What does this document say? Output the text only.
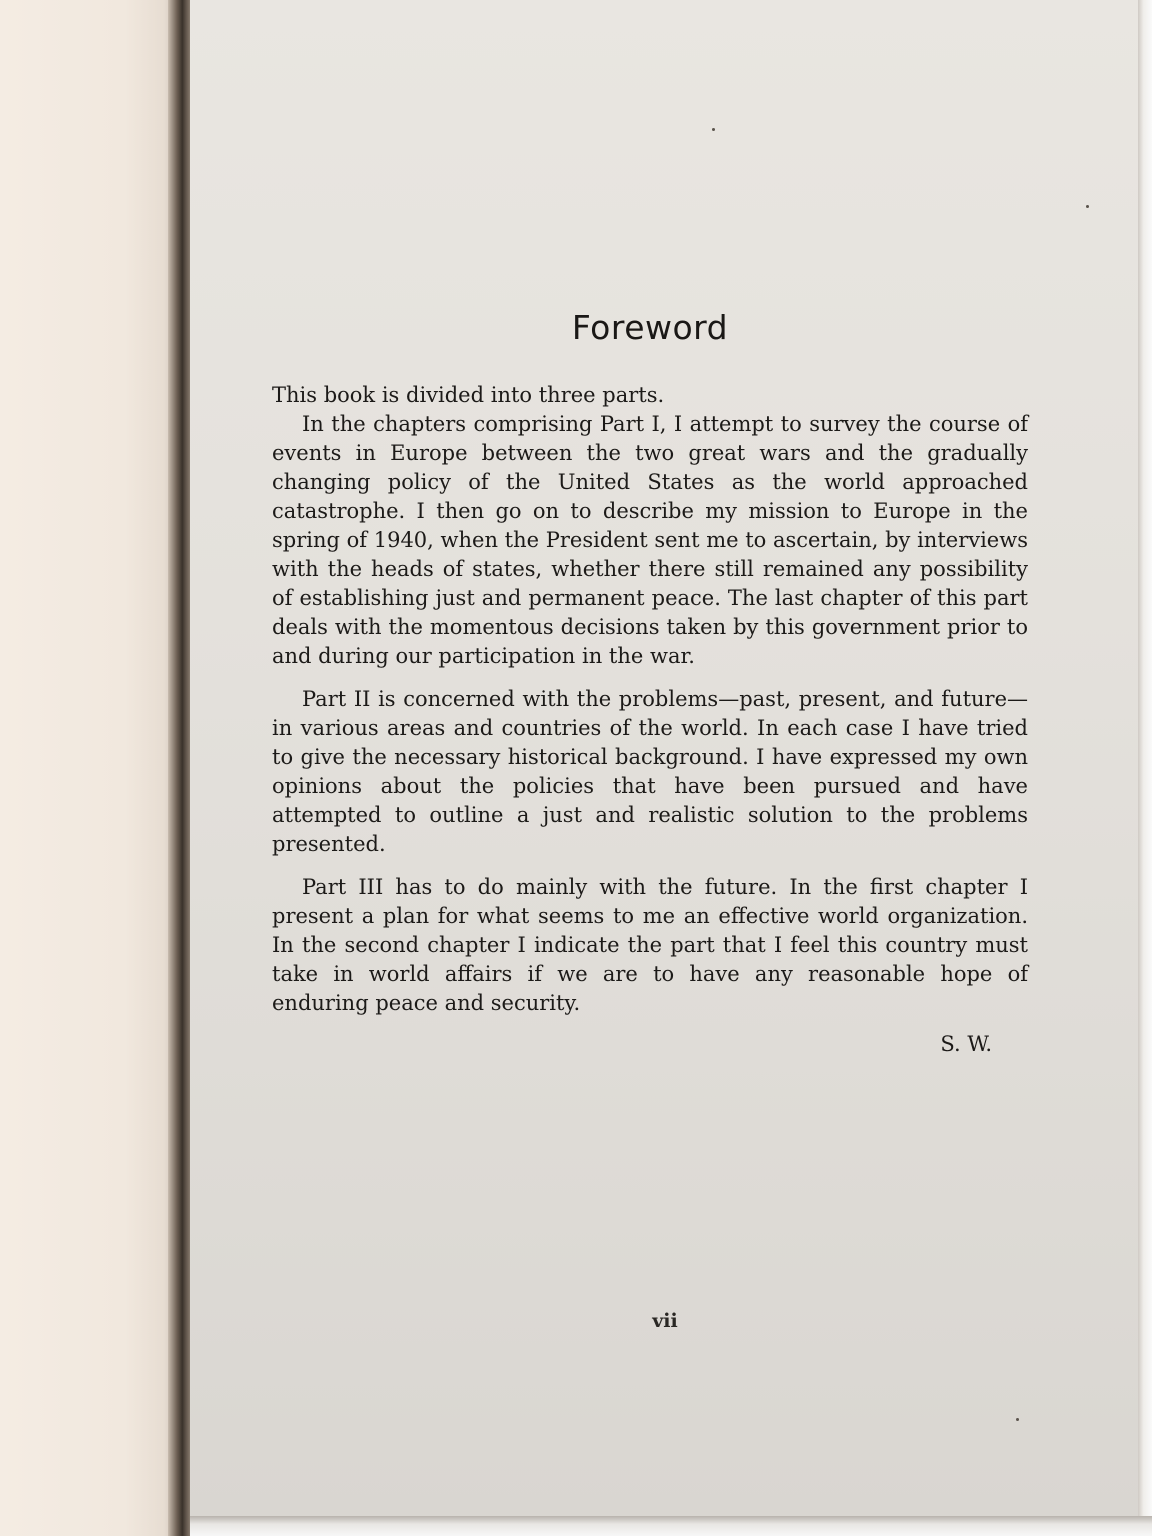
Foreword

This book is divided into three parts.

In the chapters comprising Part I, I attempt to survey the course of events in Europe between the two great wars and the gradually changing policy of the United States as the world approached catastrophe. I then go on to describe my mission to Europe in the spring of 1940, when the President sent me to ascertain, by interviews with the heads of states, whether there still remained any possibility of establishing just and permanent peace. The last chapter of this part deals with the momentous decisions taken by this government prior to and during our participation in the war.

Part II is concerned with the problems—past, present, and future—in various areas and countries of the world. In each case I have tried to give the necessary historical background. I have expressed my own opinions about the policies that have been pursued and have attempted to outline a just and realistic solution to the problems presented.

Part III has to do mainly with the future. In the first chapter I present a plan for what seems to me an effective world organization. In the second chapter I indicate the part that I feel this country must take in world affairs if we are to have any reasonable hope of enduring peace and security.

S. W.
vii
